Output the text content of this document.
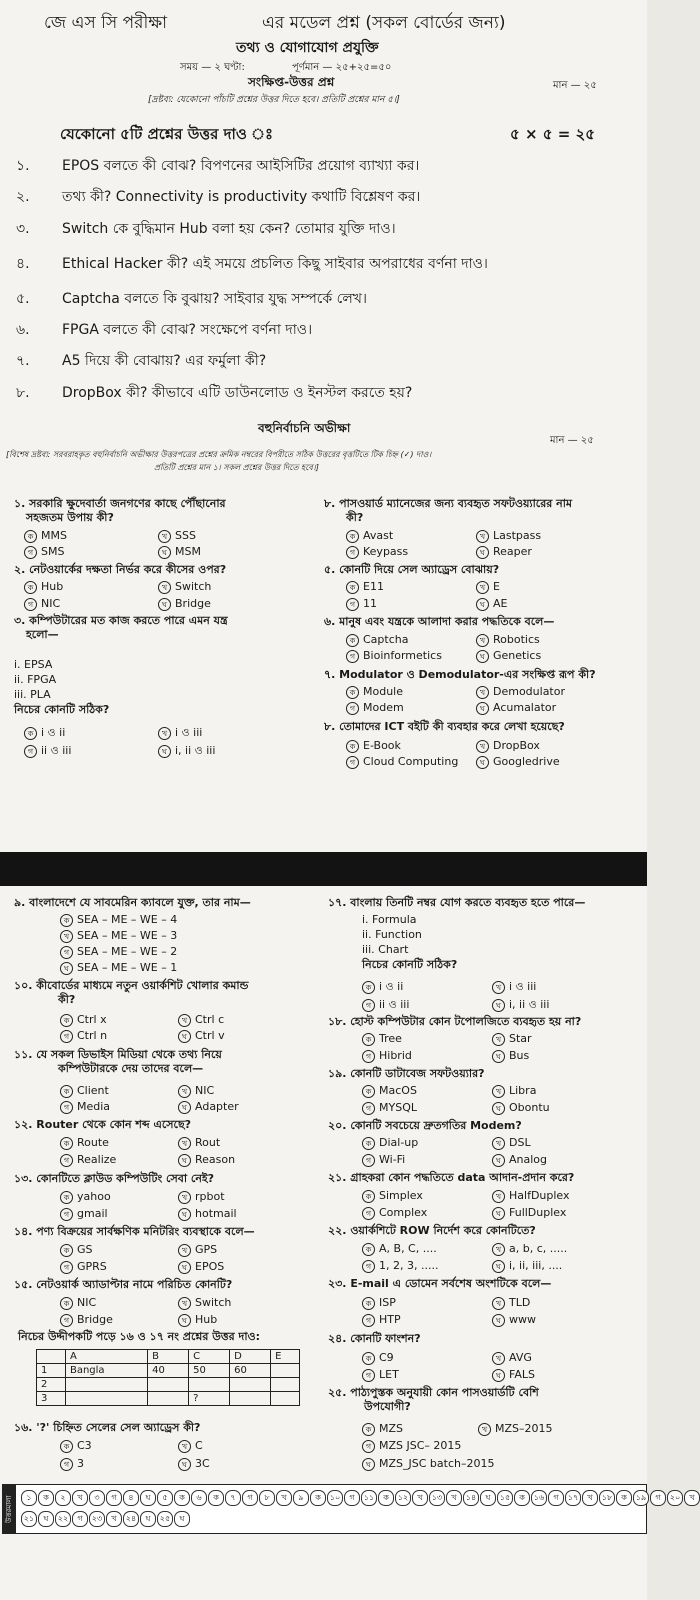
জে এস সি পরীক্ষা	এর মডেল প্রশ্ন (সকল বোর্ডের জন্য)
তথ্য ও যোগাযোগ প্রযুক্তি
সময় — ২ ঘণ্টা:	পূর্ণমান — ২৫+২৫=৫০
সংক্ষিপ্ত-উত্তর প্রশ্ন	মান — ২৫
[দ্রষ্টব্য: যেকোনো পাঁচটি প্রশ্নের উত্তর দিতে হবে। প্রতিটি প্রশ্নের মান ৫।]
যেকোনো ৫টি প্রশ্নের উত্তর দাও ঃ	৫ × ৫ = ২৫
১. EPOS বলতে কী বোঝ? বিপণনের আইসিটির প্রয়োগ ব্যাখ্যা কর।
২. তথ্য কী? Connectivity is productivity কথাটি বিশ্লেষণ কর।
৩. Switch কে বুদ্ধিমান Hub বলা হয় কেন? তোমার যুক্তি দাও।
৪. Ethical Hacker কী? এই সময়ে প্রচলিত কিছু সাইবার অপরাধের বর্ণনা দাও।
৫. Captcha বলতে কি বুঝায়? সাইবার যুদ্ধ সম্পর্কে লেখ।
৬. FPGA বলতে কী বোঝ? সংক্ষেপে বর্ণনা দাও।
৭. A5 দিয়ে কী বোঝায়? এর ফর্মুলা কী?
৮. DropBox কী? কীভাবে এটি ডাউনলোড ও ইনস্টল করতে হয়?
বহুনির্বাচনি অভীক্ষা
মান — ২৫
[বিশেষ দ্রষ্টব্য: সরবরাহকৃত বহুনির্বাচনি অভীক্ষার উত্তরপত্রের প্রশ্নের ক্রমিক নম্বরের বিপরীতে সঠিক উত্তরের বৃত্তটিতে টিক চিহ্ন (✓) দাও।
প্রতিটি প্রশ্নের মান ১। সকল প্রশ্নের উত্তর দিতে হবে।]
১. সরকারি ক্ষুদেবার্তা জনগণের কাছে পৌঁছানোর
সহজতম উপায় কী?
ক MMS	খ SSS
গ SMS	ঘ MSM
২. নেটওয়ার্কের দক্ষতা নির্ভর করে কীসের ওপর?
ক Hub	খ Switch
গ NIC	ঘ Bridge
৩. কম্পিউটারের মত কাজ করতে পারে এমন যন্ত্র
হলো—
i. EPSA
ii. FPGA
iii. PLA
নিচের কোনটি সঠিক?
ক i ও ii	খ i ও iii
গ ii ও iii	ঘ i, ii ও iii
৮. পাসওয়ার্ড ম্যানেজের জন্য ব্যবহৃত সফটওয়্যারের নাম
কী?
ক Avast	খ Lastpass
গ Keypass	ঘ Reaper
৫. কোনটি দিয়ে সেল অ্যাড্রেস বোঝায়?
ক E11	খ E
গ 11	ঘ AE
৬. মানুষ এবং যন্ত্রকে আলাদা করার পদ্ধতিকে বলে—
ক Captcha	খ Robotics
গ Bioinformetics	ঘ Genetics
৭. Modulator ও Demodulator-এর সংক্ষিপ্ত রূপ কী?
ক Module	খ Demodulator
গ Modem	ঘ Acumalator
৮. তোমাদের ICT বইটি কী ব্যবহার করে লেখা হয়েছে?
ক E-Book	খ DropBox
গ Cloud Computing	ঘ Googledrive
৯. বাংলাদেশে যে সাবমেরিন ক্যাবলে যুক্ত, তার নাম—
ক SEA – ME – WE – 4
খ SEA – ME – WE – 3
গ SEA – ME – WE – 2
ঘ SEA – ME – WE – 1
১০. কীবোর্ডের মাধ্যমে নতুন ওয়ার্কশিট খোলার কমান্ড
কী?
ক Ctrl x	খ Ctrl c
গ Ctrl n	ঘ Ctrl v
১১. যে সকল ডিভাইস মিডিয়া থেকে তথ্য নিয়ে
কম্পিউটারকে দেয় তাদের বলে—
ক Client	খ NIC
গ Media	ঘ Adapter
১২. Router থেকে কোন শব্দ এসেছে?
ক Route	খ Rout
গ Realize	ঘ Reason
১৩. কোনটিতে ক্লাউড কম্পিউটিং সেবা নেই?
ক yahoo	খ rpbot
গ gmail	ঘ hotmail
১৪. পণ্য বিক্রয়ের সার্বক্ষণিক মনিটরিং ব্যবস্থাকে বলে—
ক GS	খ GPS
গ GPRS	ঘ EPOS
১৫. নেটওয়ার্ক অ্যাডাপ্টার নামে পরিচিত কোনটি?
ক NIC	খ Switch
গ Bridge	ঘ Hub
নিচের উদ্দীপকটি পড়ে ১৬ ও ১৭ নং প্রশ্নের উত্তর দাও:
	A	B	C	D	E
1	Bangla	40	50	60	
2					
3			?		
১৬. '?' চিহ্নিত সেলের সেল অ্যাড্রেস কী?
ক C3	খ C
গ 3	ঘ 3C
১৭. বাংলায় তিনটি নম্বর যোগ করতে ব্যবহৃত হতে পারে—
i. Formula
ii. Function
iii. Chart
নিচের কোনটি সঠিক?
ক i ও ii	খ i ও iii
গ ii ও iii	ঘ i, ii ও iii
১৮. হোস্ট কম্পিউটার কোন টপোলজিতে ব্যবহৃত হয় না?
ক Tree	খ Star
গ Hibrid	ঘ Bus
১৯. কোনটি ডাটাবেজ সফটওয়্যার?
ক MacOS	খ Libra
গ MYSQL	ঘ Obontu
২০. কোনটি সবচেয়ে দ্রুতগতির Modem?
ক Dial-up	খ DSL
গ Wi-Fi	ঘ Analog
২১. গ্রাহকরা কোন পদ্ধতিতে data আদান-প্রদান করে?
ক Simplex	খ HalfDuplex
গ Complex	ঘ FullDuplex
২২. ওয়ার্কশিটে ROW নির্দেশ করে কোনটিতে?
ক A, B, C, ....	খ a, b, c, .....
গ 1, 2, 3, .....	ঘ i, ii, iii, ....
২৩. E-mail এ ডোমেন সর্বশেষ অংশটিকে বলে—
ক ISP	খ TLD
গ HTP	ঘ www
২৪. কোনটি ফাংশন?
ক C9	খ AVG
গ LET	ঘ FALS
২৫. পাঠ্যপুস্তক অনুযায়ী কোন পাসওয়ার্ডটি বেশি
উপযোগী?
ক MZS	খ MZS–2015
গ MZS JSC– 2015
ঘ MZS_JSC batch–2015
উত্তরমালা	১	ক	২	খ	৩	গ	৪	ঘ	৫	ক	৬	ক	৭	গ	৮	খ	৯	ক	১০	গ	১১	ক	১২	খ	১৩	খ	১৪	ঘ	১৫	ক	১৬	গ	১৭	খ	১৮	ক	১৯	গ	২০	খ
২১	ঘ	২২	গ	২৩	খ	২৪	ঘ	২৫	ঘ
